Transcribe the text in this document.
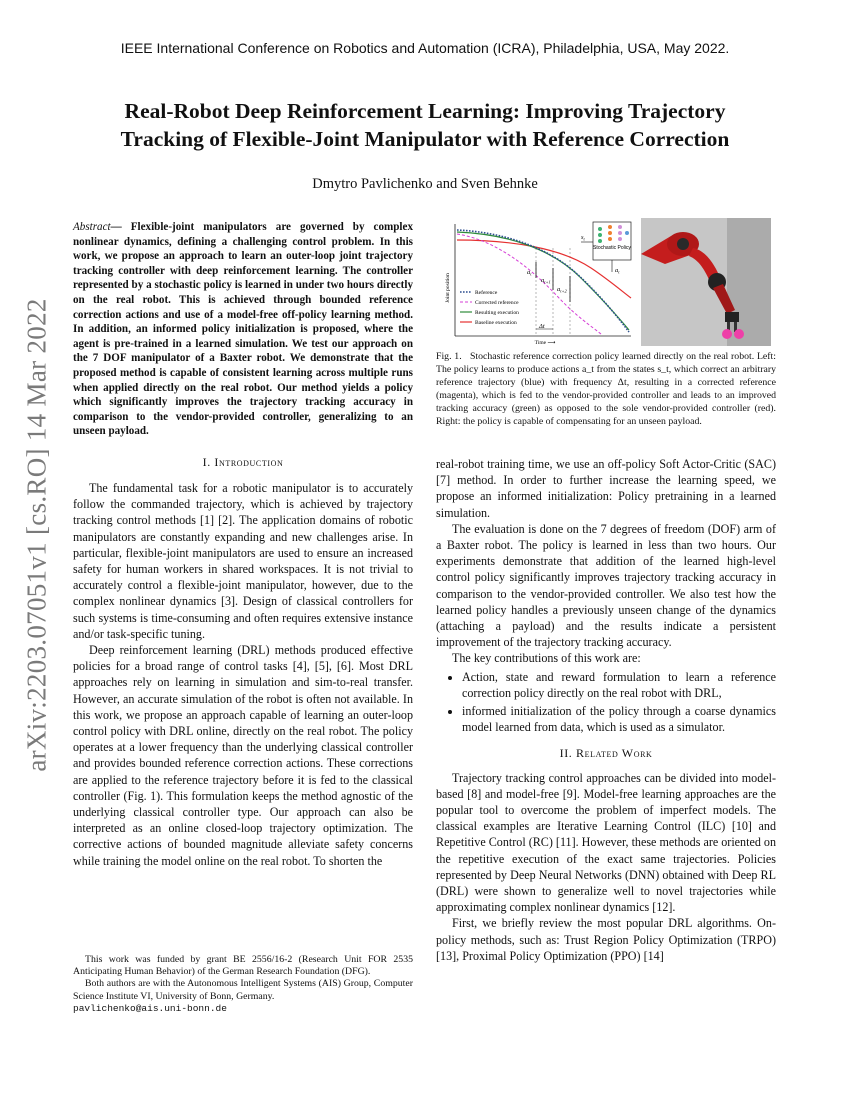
IEEE International Conference on Robotics and Automation (ICRA), Philadelphia, USA, May 2022.
Real-Robot Deep Reinforcement Learning: Improving Trajectory
Tracking of Flexible-Joint Manipulator with Reference Correction
Dmytro Pavlichenko and Sven Behnke
arXiv:2203.07051v1 [cs.RO] 14 Mar 2022
Abstract— Flexible-joint manipulators are governed by complex nonlinear dynamics, defining a challenging control problem. In this work, we propose an approach to learn an outer-loop joint trajectory tracking controller with deep reinforcement learning. The controller represented by a stochastic policy is learned in under two hours directly on the real robot. This is achieved through bounded reference correction actions and use of a model-free off-policy learning method. In addition, an informed policy initialization is proposed, where the agent is pre-trained in a learned simulation. We test our approach on the 7 DOF manipulator of a Baxter robot. We demonstrate that the proposed method is capable of consistent learning across multiple runs when applied directly on the real robot. Our method yields a policy which significantly improves the trajectory tracking accuracy in comparison to the vendor-provided controller, generalizing to an unseen payload.
I. Introduction

The fundamental task for a robotic manipulator is to accurately follow the commanded trajectory, which is achieved by trajectory tracking control methods [1] [2]. The application domains of robotic manipulators are constantly expanding and new challenges arise. In particular, flexible-joint manipulators are used to ensure an increased safety for human workers in shared workspaces. It is not trivial to accurately control a flexible-joint manipulator, however, due to the complex nonlinear dynamics [3]. Design of classical controllers for such systems is time-consuming and often requires extensive instance and/or task-specific tuning.

Deep reinforcement learning (DRL) methods produced effective policies for a broad range of control tasks [4], [5], [6]. Most DRL approaches rely on learning in simulation and sim-to-real transfer. However, an accurate simulation of the robot is often not available. In this work, we propose an approach capable of learning an outer-loop control policy with DRL online, directly on the real robot. The policy operates at a lower frequency than the underlying classical controller and provides bounded reference correction actions. These corrections are applied to the reference trajectory before it is fed to the classical controller (Fig. 1). This formulation keeps the method agnostic of the underlying classical controller type. Our approach can also be interpreted as an online closed-loop trajectory optimization. The corrective actions of bounded magnitude alleviate safety concerns while training the model online on the real robot. To shorten the

This work was funded by grant BE 2556/16-2 (Research Unit FOR 2535 Anticipating Human Behavior) of the German Research Foundation (DFG).

Both authors are with the Autonomous Intelligent Systems (AIS) Group, Computer Science Institute VI, University of Bonn, Germany.

pavlichenko@ais.uni-bonn.de

$a_t$
$a_{t+1}$
$a_{t+2}$
Δt
Stochastic Policy
$s_t$
$a_t$
Reference
Corrected reference
Resulting execution
Baseline execution
Joint position
Time ⟶
Fig. 1. Stochastic reference correction policy learned directly on the real robot. Left: The policy learns to produce actions a_t from the states s_t, which correct an arbitrary reference trajectory (blue) with frequency Δt, resulting in a corrected reference (magenta), which is fed to the vendor-provided controller and leads to an improved tracking accuracy (green) as opposed to the sole vendor-provided controller (red). Right: the policy is capable of compensating for an unseen payload.

real-robot training time, we use an off-policy Soft Actor-Critic (SAC) [7] method. In order to further increase the learning speed, we propose an informed initialization: Policy pretraining in a learned simulation.

The evaluation is done on the 7 degrees of freedom (DOF) arm of a Baxter robot. The policy is learned in less than two hours. Our experiments demonstrate that addition of the learned high-level control policy significantly improves trajectory tracking accuracy in comparison to the vendor-provided controller. We also test how the learned policy handles a previously unseen change of the dynamics (attaching a payload) and the results indicate a persistent improvement of the trajectory tracking accuracy.

The key contributions of this work are:

• Action, state and reward formulation to learn a reference correction policy directly on the real robot with DRL,
• informed initialization of the policy through a coarse dynamics model learned from data, which is used as a simulator.
II. Related Work

Trajectory tracking control approaches can be divided into model-based [8] and model-free [9]. Model-free learning approaches are the popular tool to overcome the problem of imperfect models. The classical examples are Iterative Learning Control (ILC) [10] and Repetitive Control (RC) [11]. However, these methods are oriented on the repetitive execution of the exact same trajectories. Policies represented by Deep Neural Networks (DNN) obtained with Deep RL (DRL) were shown to generalize well to novel trajectories while approximating complex nonlinear dynamics [12].

First, we briefly review the most popular DRL algorithms. On-policy methods, such as: Trust Region Policy Optimization (TRPO) [13], Proximal Policy Optimization (PPO) [14]
